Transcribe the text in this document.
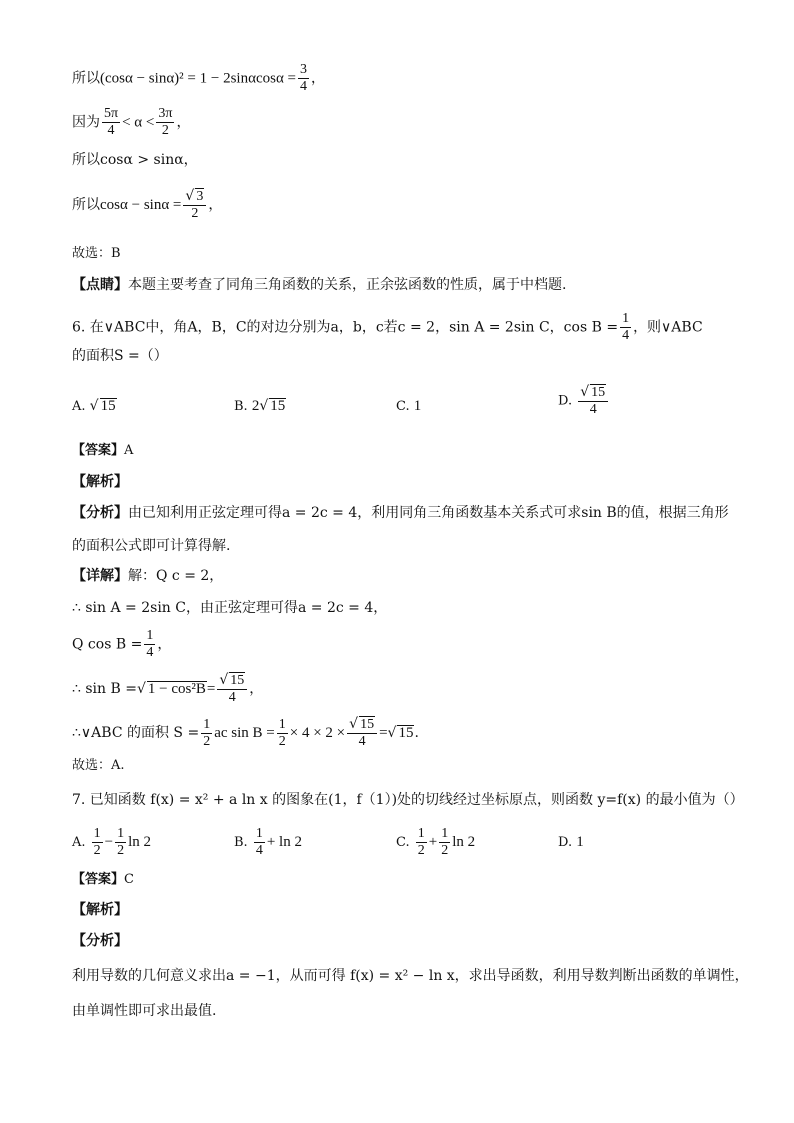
所以$(\cos\alpha - \sin\alpha)^2 = 1 - 2\sin\alpha\cos\alpha = \frac{3}{4}$ ，
因为 $\frac{5\pi}{4} < \alpha < \frac{3\pi}{2}$ ，
所以cosα > sinα，
所以$\cos\alpha - \sin\alpha = \frac{√ 3}{2}$ ，
故选：B
【点睛】本题主要考查了同角三角函数的关系，正余弦函数的性质，属于中档题.
6. 在∨ABC中，角A，B，C的对边分别为a，b，c若c = 2，sin A = 2sin C，$\cos B = \frac{1}{4}$ ，则∨ABC
的面积S =（）
A. √ 15	B. 2√ 15	C. 1	D. $\frac{√ 15}{4}$
【答案】A
【解析】
【分析】由已知利用正弦定理可得a = 2c = 4，利用同角三角函数基本关系式可求sin B的值，根据三角形
的面积公式即可计算得解.
【详解】解：Q c = 2，
∴ sin A = 2sin C，由正弦定理可得a = 2c = 4，
Q $\cos B = \frac{1}{4}$ ，
∴ sin B =√ $1 - \cos^2B= \frac{√ 15}{4}$ ，
∴∨ABC 的面积 $S = \frac{1}{2}$ ac $\sin B = \frac{1}{2} \times 4 \times 2 \times \frac{√ 15}{4}$ =√ 15.
故选：A.
7. 已知函数 f(x) = x² + a ln x 的图象在(1，f（1）)处的切线经过坐标原点，则函数 y=f(x) 的最小值为（）
A. $\frac{1}{2} - \frac{1}{2}$ ln 2	B. $\frac{1}{4} + \ln 2$	C. $\frac{1}{2} + \frac{1}{2}$ ln 2	D. 1
【答案】C
【解析】
【分析】
利用导数的几何意义求出a = −1，从而可得 f(x) = x² − ln x，求出导函数，利用导数判断出函数的单调性，
由单调性即可求出最值.
